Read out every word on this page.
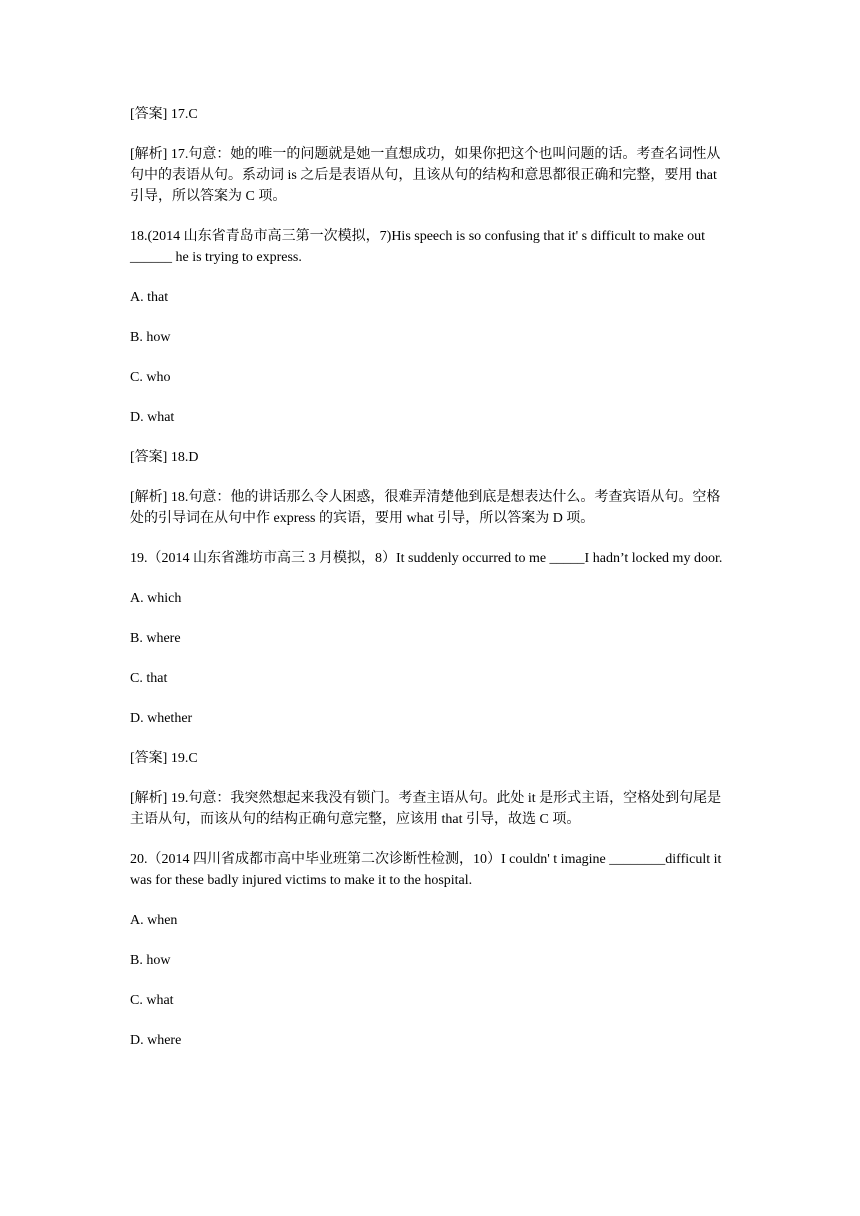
[答案] 17.C

[解析] 17.句意：她的唯一的问题就是她一直想成功，如果你把这个也叫问题的话。考查名词性从句中的表语从句。系动词 is 之后是表语从句，且该从句的结构和意思都很正确和完整，要用 that 引导，所以答案为 C 项。

18.(2014 山东省青岛市高三第一次模拟，7)His speech is so confusing that it' s difficult to make out ______ he is trying to express.

A. that

B. how

C. who

D. what

[答案] 18.D

[解析] 18.句意：他的讲话那么令人困惑，很难弄清楚他到底是想表达什么。考查宾语从句。空格处的引导词在从句中作 express 的宾语，要用 what 引导，所以答案为 D 项。

19.（2014 山东省潍坊市高三 3 月模拟，8）It suddenly occurred to me _____I hadn’t locked my door.

A. which

B. where

C. that

D. whether

[答案] 19.C

[解析] 19.句意：我突然想起来我没有锁门。考查主语从句。此处 it 是形式主语，空格处到句尾是主语从句，而该从句的结构正确句意完整，应该用 that 引导，故选 C 项。

20.（2014 四川省成都市高中毕业班第二次诊断性检测，10）I couldn' t imagine ________difficult it was for these badly injured victims to make it to the hospital.

A. when

B. how

C. what

D. where
